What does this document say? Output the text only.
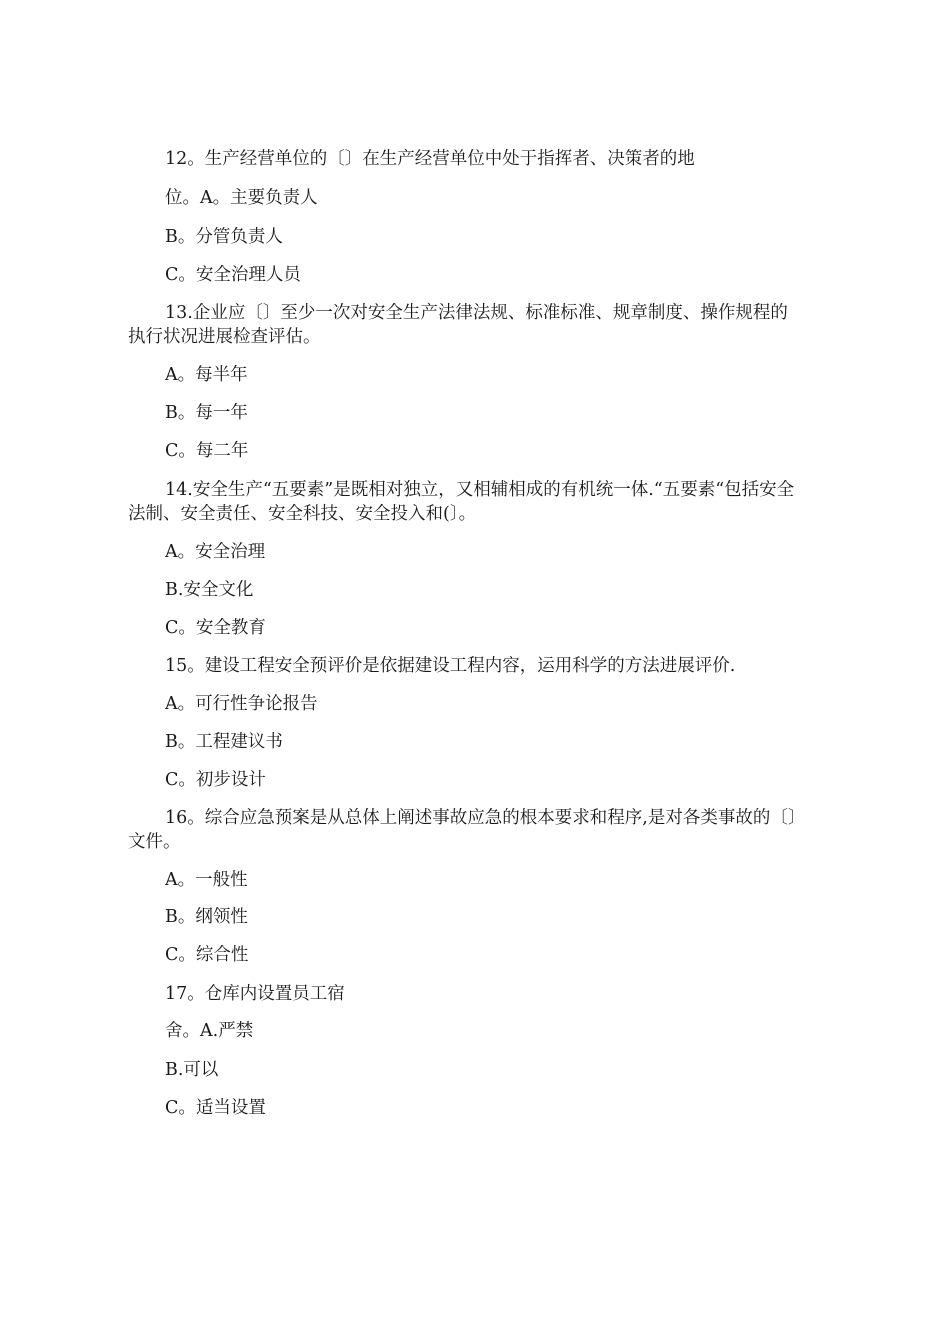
12。生产经营单位的〔〕在生产经营单位中处于指挥者、决策者的地
位。A。主要负责人
B。分管负责人
C。安全治理人员
13.企业应〔〕至少一次对安全生产法律法规、标准标准、规章制度、操作规程的
执行状况进展检查评估。
A。每半年
B。每一年
C。每二年
14.安全生产“五要素”是既相对独立，又相辅相成的有机统一体.“五要素“包括安全
法制、安全责任、安全科技、安全投入和(〕。
A。安全治理
B.安全文化
C。安全教育
15。建设工程安全预评价是依据建设工程内容，运用科学的方法进展评价.
A。可行性争论报告
B。工程建议书
C。初步设计
16。综合应急预案是从总体上阐述事故应急的根本要求和程序,是对各类事故的〔〕
文件。
A。一般性
B。纲领性
C。综合性
17。仓库内设置员工宿
舍。A.严禁
B.可以
C。适当设置
